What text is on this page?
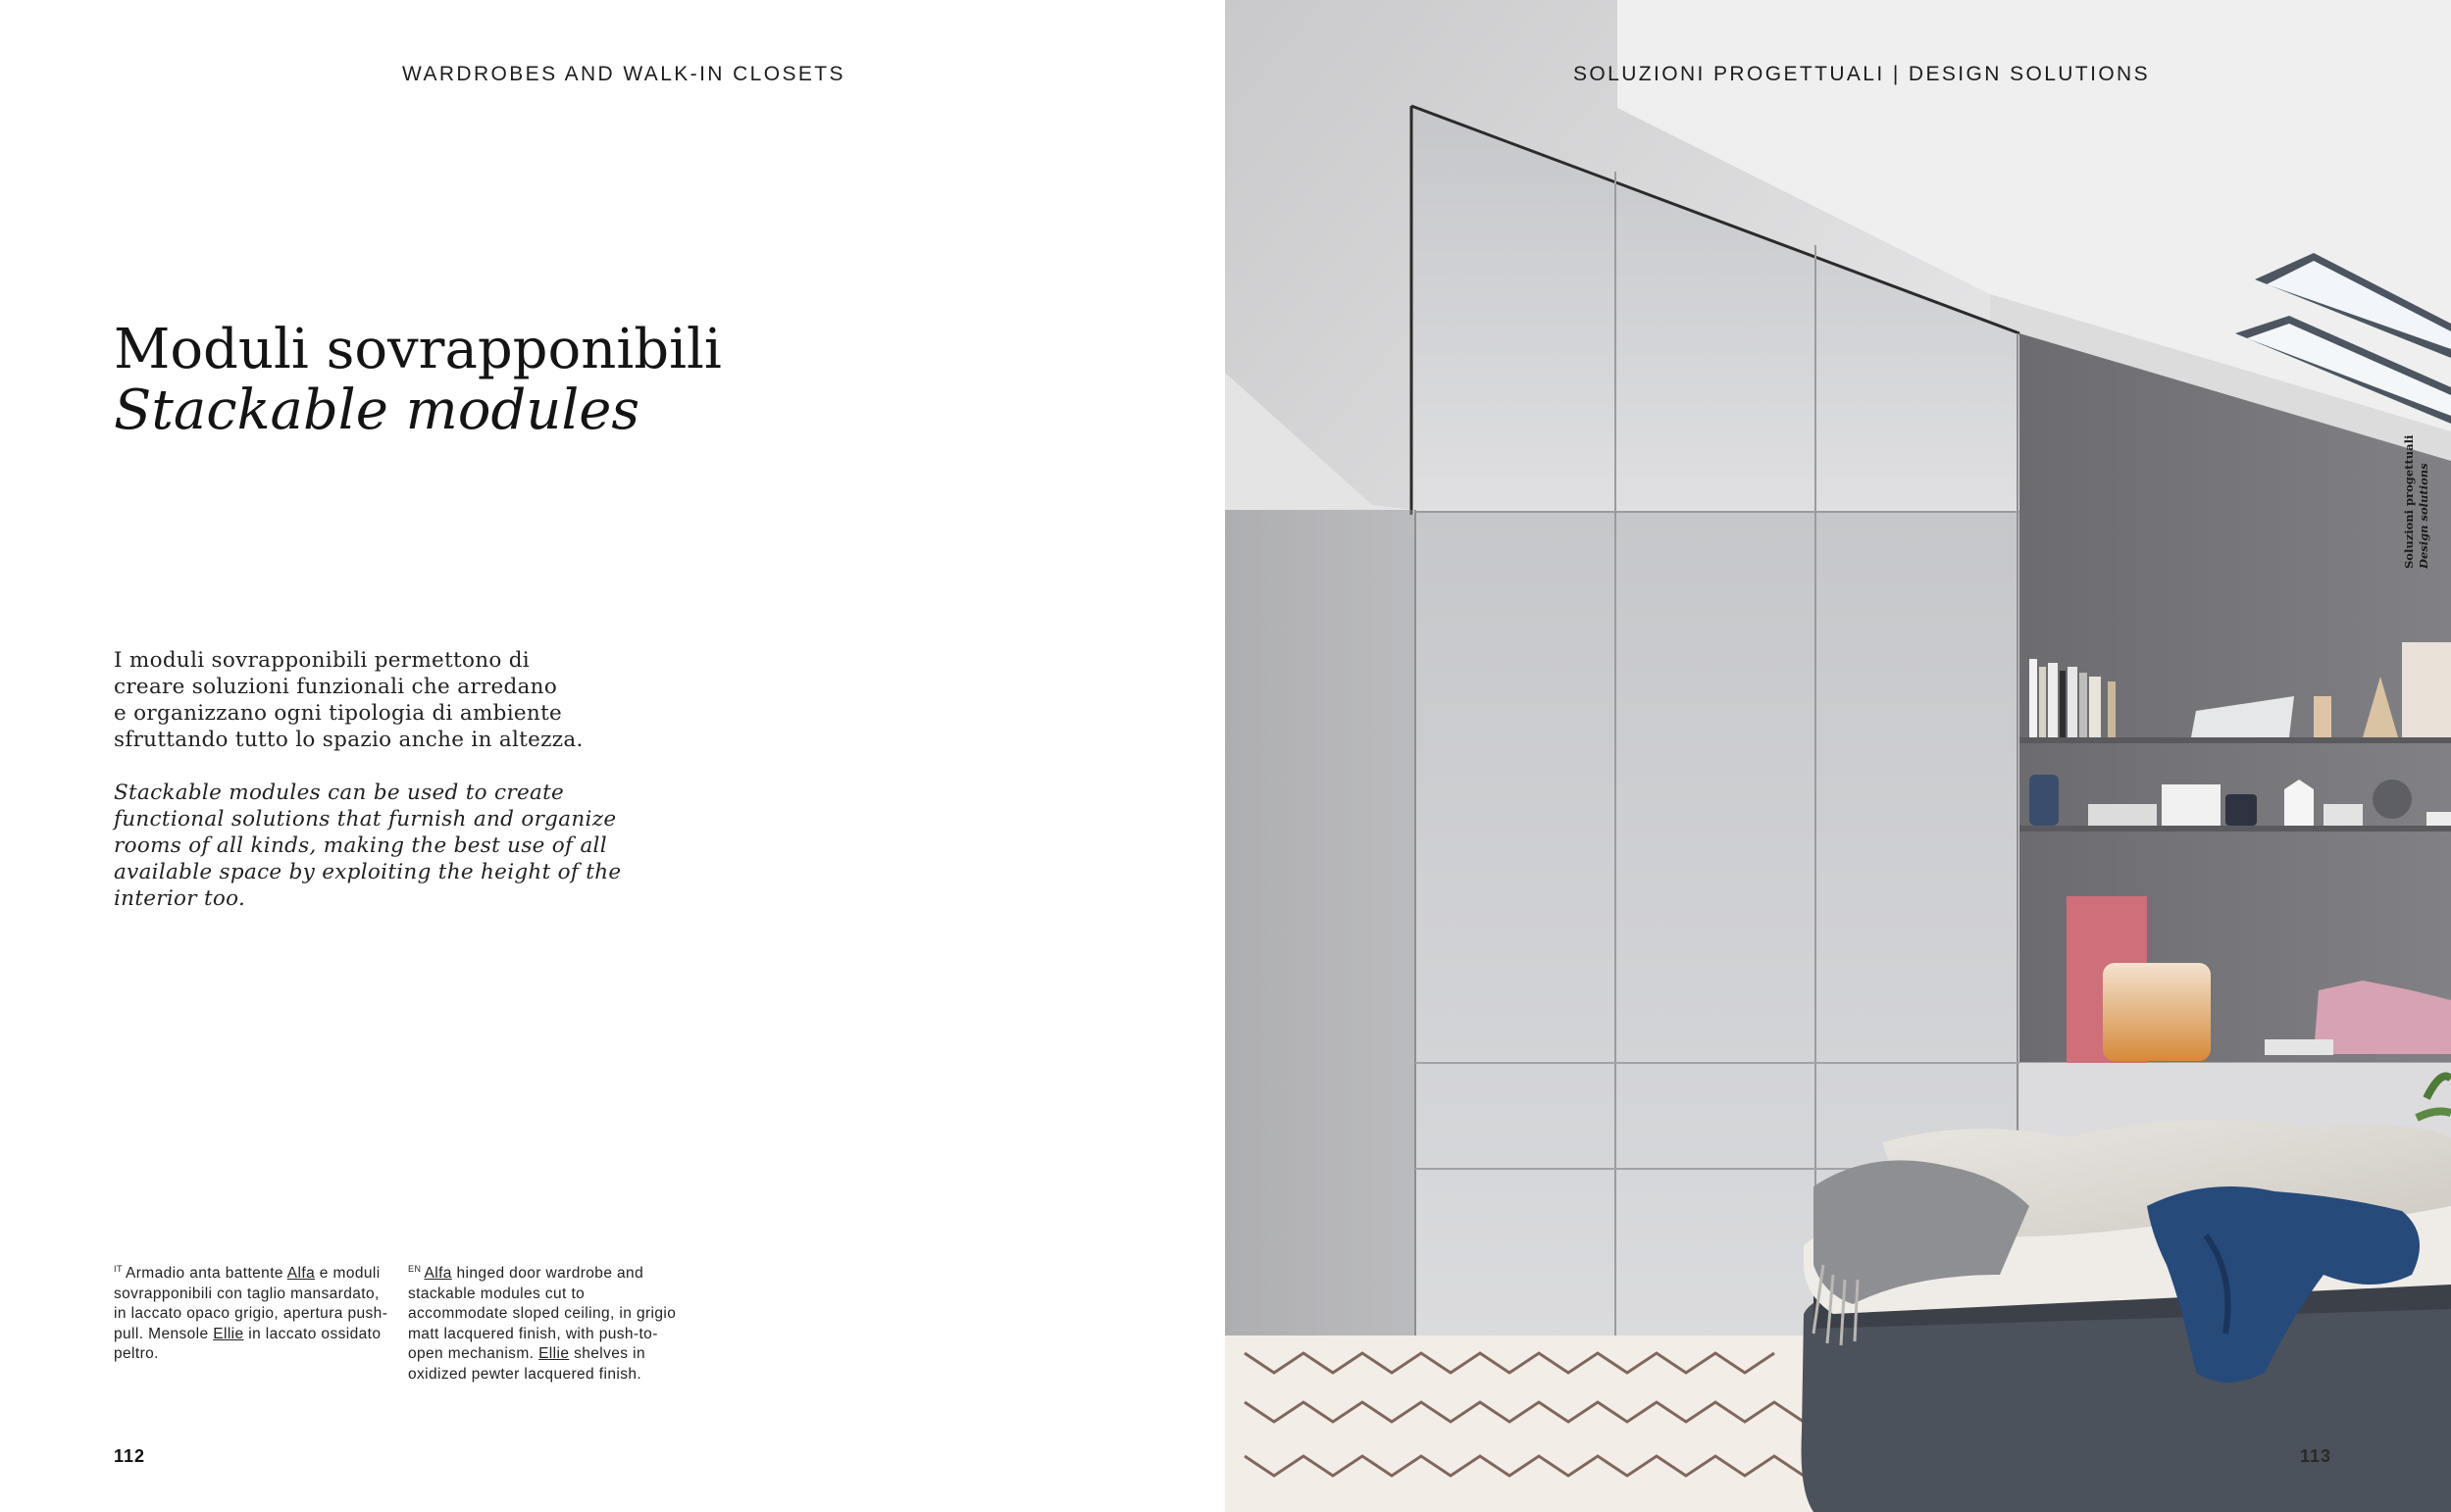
WARDROBES AND WALK-IN CLOSETS
Moduli sovrapponibili
Stackable modules

I moduli sovrapponibili permettono di
creare soluzioni funzionali che arredano
e organizzano ogni tipologia di ambiente
sfruttando tutto lo spazio anche in altezza.

Stackable modules can be used to create
functional solutions that furnish and organize
rooms of all kinds, making the best use of all
available space by exploiting the height of the
interior too.

$^{IT}$ Armadio anta battente Alfa e moduli sovrapponibili con taglio mansardato, in laccato opaco grigio, apertura push-pull. Mensole Ellie in laccato ossidato peltro.
$^{EN}$ Alfa hinged door wardrobe and stackable modules cut to accommodate sloped ceiling, in grigio matt lacquered finish, with push-to-open mechanism. Ellie shelves in oxidized pewter lacquered finish.
112
SOLUZIONI PROGETTUALI | DESIGN SOLUTIONS
Soluzioni progettuali
Design solutions
113
